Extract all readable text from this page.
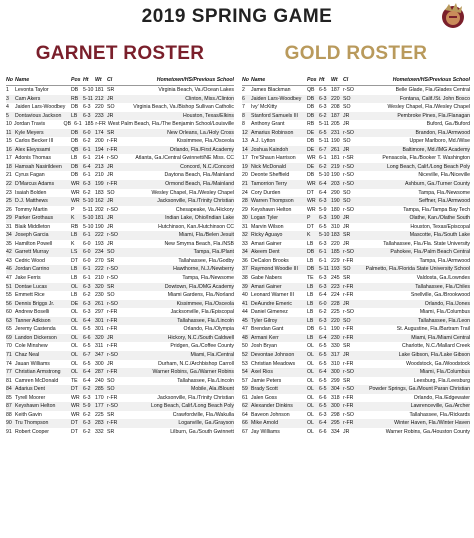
2019 SPRING GAME
GARNET ROSTER
No Name	Pos Ht	Wt	Cl	Hometown/HS/Previous School
1	Levonta Taylor	DB 5-10 181 SR	Virginia Beach, Va./Ocean Lakes
3	Cam Akers	RB 5-11 212 JR	Clinton, Miss./Clinton
4	Jaiden Lars-Woodbey	DB 6-3 220 SO	Virginia Beach, Va./Bishop Sullivan Catholic
5	Dontavious Jackson	LB	6-3 233 JR	Houston, Texas/Elkins
10 Jordan Travis	QB 6-1 185 r-FR West Palm Beach, Fla./The Benjamin School/Louisville
11 Kyle Meyers	DB 6-0 174 SR	New Orleans, La./Holy Cross
15 Carlos Becker III	DB 6-2 200 r-FR	Kissimmee, Fla./Osceola
16 Alex Eleyssami	QB 6-1 194 r-FR	Orlando, Fla./First Academy
17 Adonis Thomas	LB	6-1 214 r-SO	Atlanta, Ga./Central Gwinnett/NE Miss. CC
18 Hamsah Nasirildeen	DB 6-4 213 JR	Concord, N.C./Concord
21 Cyrus Fagan	DB 6-1 210 JR	Daytona Beach, Fla./Mainland
22 D'Marcus Adams	WR 6-3 199 r-FR	Ormond Beach, Fla./Mainland
23 Isaiah Bolden	WR 6-2 183 SO	Wesley Chapel, Fla./Wesley Chapel
25 D.J. Matthews	WR 5-10 162 JR	Jacksonville, Fla./Trinity Christian
26 Tommy Martin	P	5-11 202 r-SO	Chesapeake, Va./Hickory
29 Parker Grothaus	K	5-10 181 JR	Indian Lake, Ohio/Indian Lake
31 Blaik Middleton	RB 5-10 190 JR	Hutchinson, Kan./Hutchinson CC
34 Joseph Garcia	LB	6-1 222 r-SO	Miami, Fla./Belen Jesuit
35 Hamilton Powell	K	6-0 193 JR	New Smyrna Beach, Fla./NSB
42 Garrett Murray	LS	6-0 234 SO	Tampa, Fla./Plant
43 Cedric Wood	DT 6-0 270 SR	Tallahassee, Fla./Godby
46 Jordan Carrino	LB	6-1 222 r-SO	Hawthorne, N.J./Newberry
47 Jake Ferris	LB	6-1 210 r-SO	Tampa, Fla./Newsome
51 Dontae Lucas	OL 6-3 320 SR	Dowtown, Fla./DMG Academy
55 Emmett Rice	LB	6-2 230 SO	Miami Gardens, Fla./Norland
56 Dennis Briggs Jr.	DE 6-3 261 r-SO	Kissimmee, Fla./Osceola
60 Andrew Boselli	OL 6-3 297 r-FR	Jacksonville, Fla./Episcopal
63 Tanner Adkison	OL 6-4 301 r-FR	Tallahassee, Fla./Lincoln
65 Jeremy Castenda	OL 6-5 301 r-FR	Orlando, Fla./Olympia
69 Landon Dickerson	OL 6-6 320 JR	Hickory, N.C./South Caldwell
70 Cole Minshew	OL 6-5 311 r-FR	Pridgen, Ga./Coffee County
71 Chaz Neal	OL 6-7 347 r-SO	Miami, Fla./Central
74 Jauan Williams	OL 6-5 300 JR	Durham, N.C./Archbishop Carroll
77 Christian Armstrong	OL 6-4 287 r-FR	Warner Robins, Ga./Warner Robins
81 Camren McDonald	TE	6-4 240 SO	Tallahassee, Fla./Lincoln
84 Adarius Dent	DT 6-2 285 SO	Mobile, Ala./Blount
85 Tyrell Moorer	WR 6-3 170 r-FR	Jacksonville, Fla./Trinity Christian
87 Keyshawn Helton	WR 5-9 177 r-SO	Long Beach, Calif./Long Beach Poly
88 Keith Gavin	WR 6-2 225 SR	Crawfordville, Fla./Wakulla
90 Tru Thompson	DT 6-3 283 r-FR	Loganville, Ga./Grayson
91 Robert Cooper	DT 6-2 332 SR	Lilburn, Ga./South Gwinnett
GOLD ROSTER
No Name	Pos Ht	Wt	Cl	Hometown/HS/Previous School
2	James Blackman	QB 6-5 187 r-SO	Belle Glade, Fla./Glades Central
6	Jaiden Lars-Woodbey	DB 6-3 220 SO	Fontana, Calif./St. John Bosco
7	Ivy' McKitty	DB 6-3 208 SO	Wesley Chapel, Fla./Wesley Chapel
8	Stanford Samuels III	DB 6-2 187 JR	Pembroke Pines, Fla./Flanagan
8	Anthony Grant	RB 5-11 205 JR	Buford, Ga./Buford
12 Amarius Robinson	DE 6-5 231 r-SO	Brandon, Fla./Armwood
13 A.J. Lytton	DB 5-11 190 SO	Upper Marlboro, Md./Wise
14 Joshua Kaindoh	DE 6-7 261 JR	Baltimore, Md./IMG Academy
17 Tre'Shaun Harrison	WR 6-1 181 r-SR	Pensacola, Fla./Booker T. Washington
19 Nick McDonald	DE 6-2 219 r-SO	Long Beach, Calif./Long Beach Poly
20 Deonte Sheffield	DB 5-10 190 r-SO	Niceville, Fla./Niceville
21 Tamorrion Terry	WR 6-4 203 r-SO	Ashburn, Ga./Turner County
24 Cory Durden	DT 6-4 290 SO	Tampa, Fla./Newsome
28 Warren Thompson	WR 6-3 190 SO	Seffner, Fla./Armwood
29 Keyshawn Helton	WR 5-9 180 r-SO	Tampa, Fla./Tampa Bay Tech
30 Logan Tyler	P	6-3 190 JR	Olathe, Kan./Olathe South
31 Marvin Wilson	DT 6-5 310 JR	Houston, Texas/Episcopal
32 Ricky Aguayo	K	5-10 183 SR	Mascotte, Fla./South Lake
33 Amari Gainer	LB	6-3 220 JR	Tallahassee, Fla./Fla. State University
34 Akeem Dent	DB 6-1 185 r-SO	Pahokee, Fla./Palm Beach Central
36 DeCalon Brooks	LB	6-1 229 r-FR	Tampa, Fla./Armwood
37 Raymond Woodie III	DB 5-11 193 SO	Palmetto, Fla./Florida State University School
38 Gabe Nabers	TE	6-3 245 SR	Valdosta, Ga./Lowndes
39 Amari Gainer	LB	6-3 223 r-FR	Tallahassee, Fla./Chiles
40 Leonard Warner III	LB	6-4 224 r-FR	Snellville, Ga./Brookwood
41 DeAundre Emeric	LB	6-0 228 JR	Orlando, Fla./Jones
44 Daniel Gimenez	LB	6-2 225 r-SO	Miami, Fla./Columbus
45 Tyler Gilroy	LB	6-3 220 SO	Tallahassee, Fla./Leon
47 Brendan Gant	DB 6-1 190 r-FR	St. Augustine, Fla./Bartram Trail
48 Armani Kerr	LB	6-4 230 r-FR	Miami, Fla./Miami Central
50 Josh Bryan	OL 6-5 330 SR	Charlotte, N.C./Mallard Creek
52 Devontae Johnson	OL 6-5 317 JR	Lake Gibson, Fla./Lake Gibson
53 Christian Meadows	OL 6-5 310 r-FR	Woodstock, Ga./Woodstock
54 Axel Rios	OL 6-4 300 r-SO	Miami, Fla./Columbus
57 Jamie Peters	OL 6-5 299 SR	Leesburg, Fla./Leesburg
59 Brady Scott	OL 6-5 304 r-SO	Powder Springs, Ga./Mount Paran Christian
61 Jalen Goss	OL 6-6 318 r-FR	Orlando, Fla./Edgewater
62 Alexander Dinkins	OL 6-5 300 r-FR	Lawrenceville, Ga./Archer
64 Baveon Johnson	OL 6-3 298 r-SO	Tallahassee, Fla./Rickards
66 Mike Arnold	OL 6-4 295 r-FR	Winter Haven, Fla./Winter Haven
67 Jay Williams	OL 6-6 334 JR	Warner Robins, Ga./Houston County
